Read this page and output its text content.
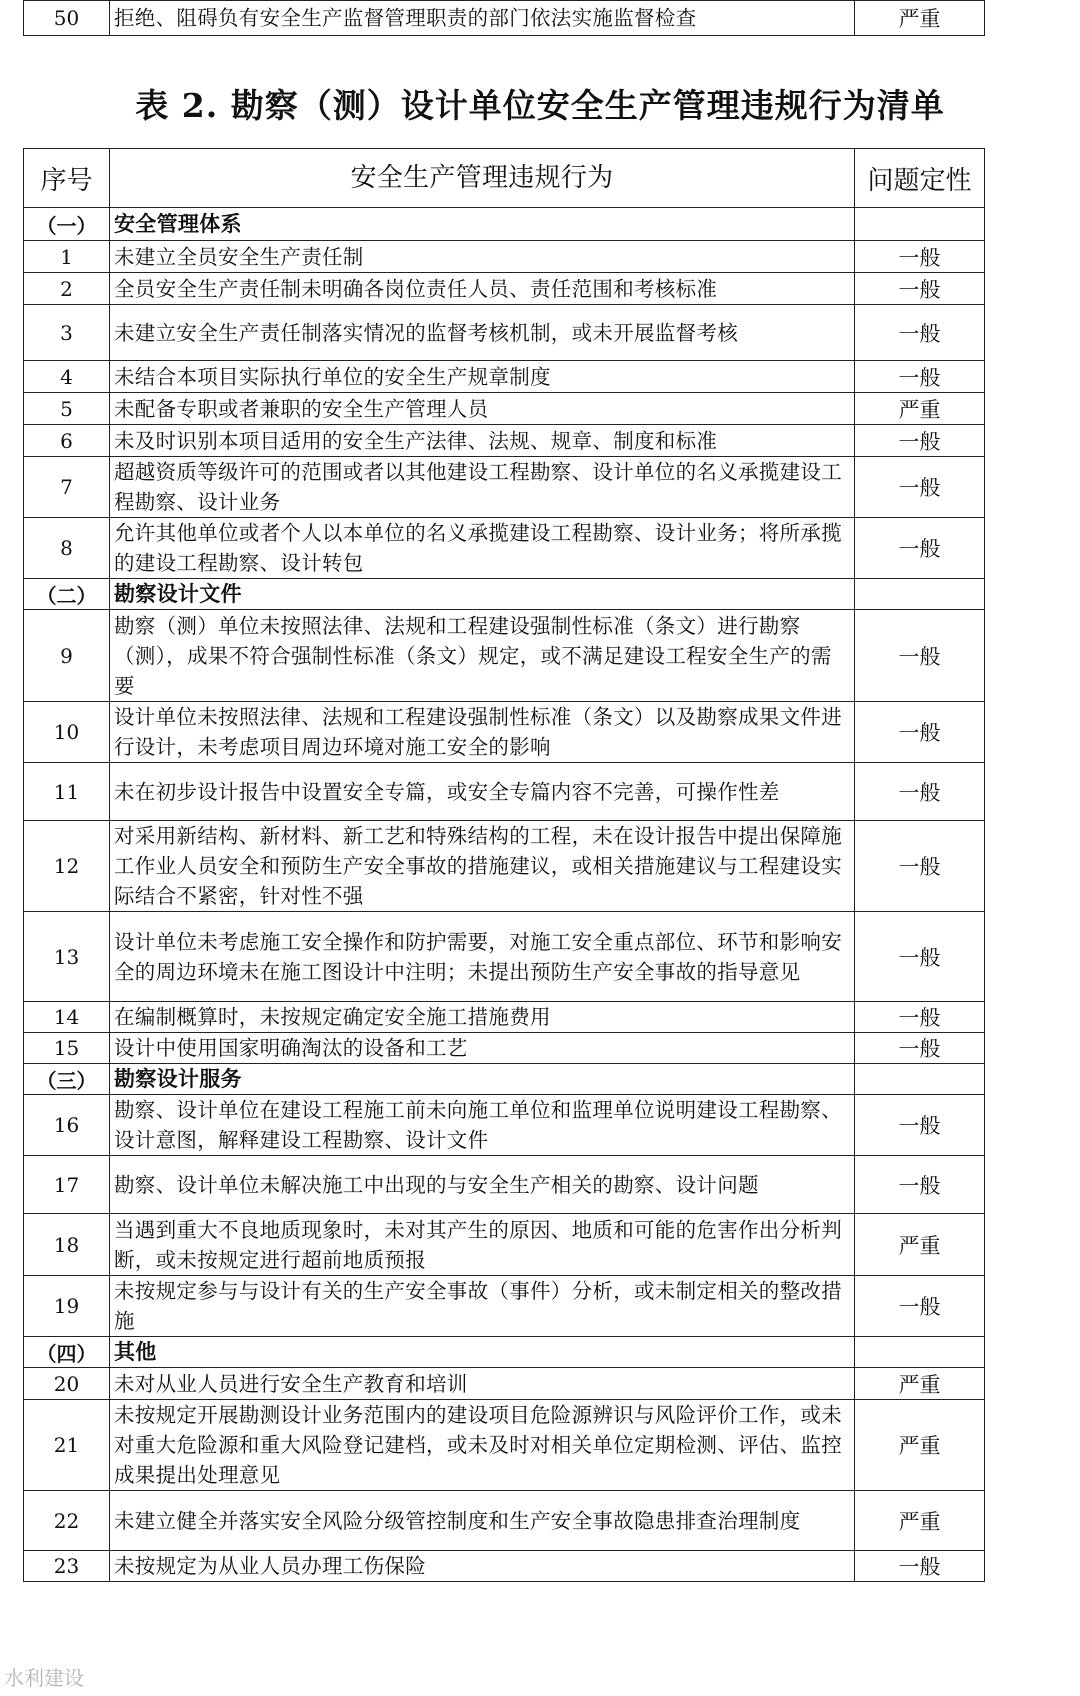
50	拒绝、阻碍负有安全生产监督管理职责的部门依法实施监督检查	严重
表 2. 勘察（测）设计单位安全生产管理违规行为清单
序号	安全生产管理违规行为	问题定性
（一）	安全管理体系	
1	未建立全员安全生产责任制	一般
2	全员安全生产责任制未明确各岗位责任人员、责任范围和考核标准	一般
3	未建立安全生产责任制落实情况的监督考核机制，或未开展监督考核	一般
4	未结合本项目实际执行单位的安全生产规章制度	一般
5	未配备专职或者兼职的安全生产管理人员	严重
6	未及时识别本项目适用的安全生产法律、法规、规章、制度和标准	一般
7	超越资质等级许可的范围或者以其他建设工程勘察、设计单位的名义承揽建设工程勘察、设计业务	一般
8	允许其他单位或者个人以本单位的名义承揽建设工程勘察、设计业务；将所承揽的建设工程勘察、设计转包	一般
（二）	勘察设计文件	
9	勘察（测）单位未按照法律、法规和工程建设强制性标准（条文）进行勘察（测），成果不符合强制性标准（条文）规定，或不满足建设工程安全生产的需要	一般
10	设计单位未按照法律、法规和工程建设强制性标准（条文）以及勘察成果文件进行设计，未考虑项目周边环境对施工安全的影响	一般
11	未在初步设计报告中设置安全专篇，或安全专篇内容不完善，可操作性差	一般
12	对采用新结构、新材料、新工艺和特殊结构的工程，未在设计报告中提出保障施工作业人员安全和预防生产安全事故的措施建议，或相关措施建议与工程建设实际结合不紧密，针对性不强	一般
13	设计单位未考虑施工安全操作和防护需要，对施工安全重点部位、环节和影响安全的周边环境未在施工图设计中注明；未提出预防生产安全事故的指导意见	一般
14	在编制概算时，未按规定确定安全施工措施费用	一般
15	设计中使用国家明确淘汰的设备和工艺	一般
（三）	勘察设计服务	
16	勘察、设计单位在建设工程施工前未向施工单位和监理单位说明建设工程勘察、设计意图，解释建设工程勘察、设计文件	一般
17	勘察、设计单位未解决施工中出现的与安全生产相关的勘察、设计问题	一般
18	当遇到重大不良地质现象时，未对其产生的原因、地质和可能的危害作出分析判断，或未按规定进行超前地质预报	严重
19	未按规定参与与设计有关的生产安全事故（事件）分析，或未制定相关的整改措施	一般
（四）	其他	
20	未对从业人员进行安全生产教育和培训	严重
21	未按规定开展勘测设计业务范围内的建设项目危险源辨识与风险评价工作，或未对重大危险源和重大风险登记建档，或未及时对相关单位定期检测、评估、监控成果提出处理意见	严重
22	未建立健全并落实安全风险分级管控制度和生产安全事故隐患排查治理制度	严重
23	未按规定为从业人员办理工伤保险	一般
水利建设
